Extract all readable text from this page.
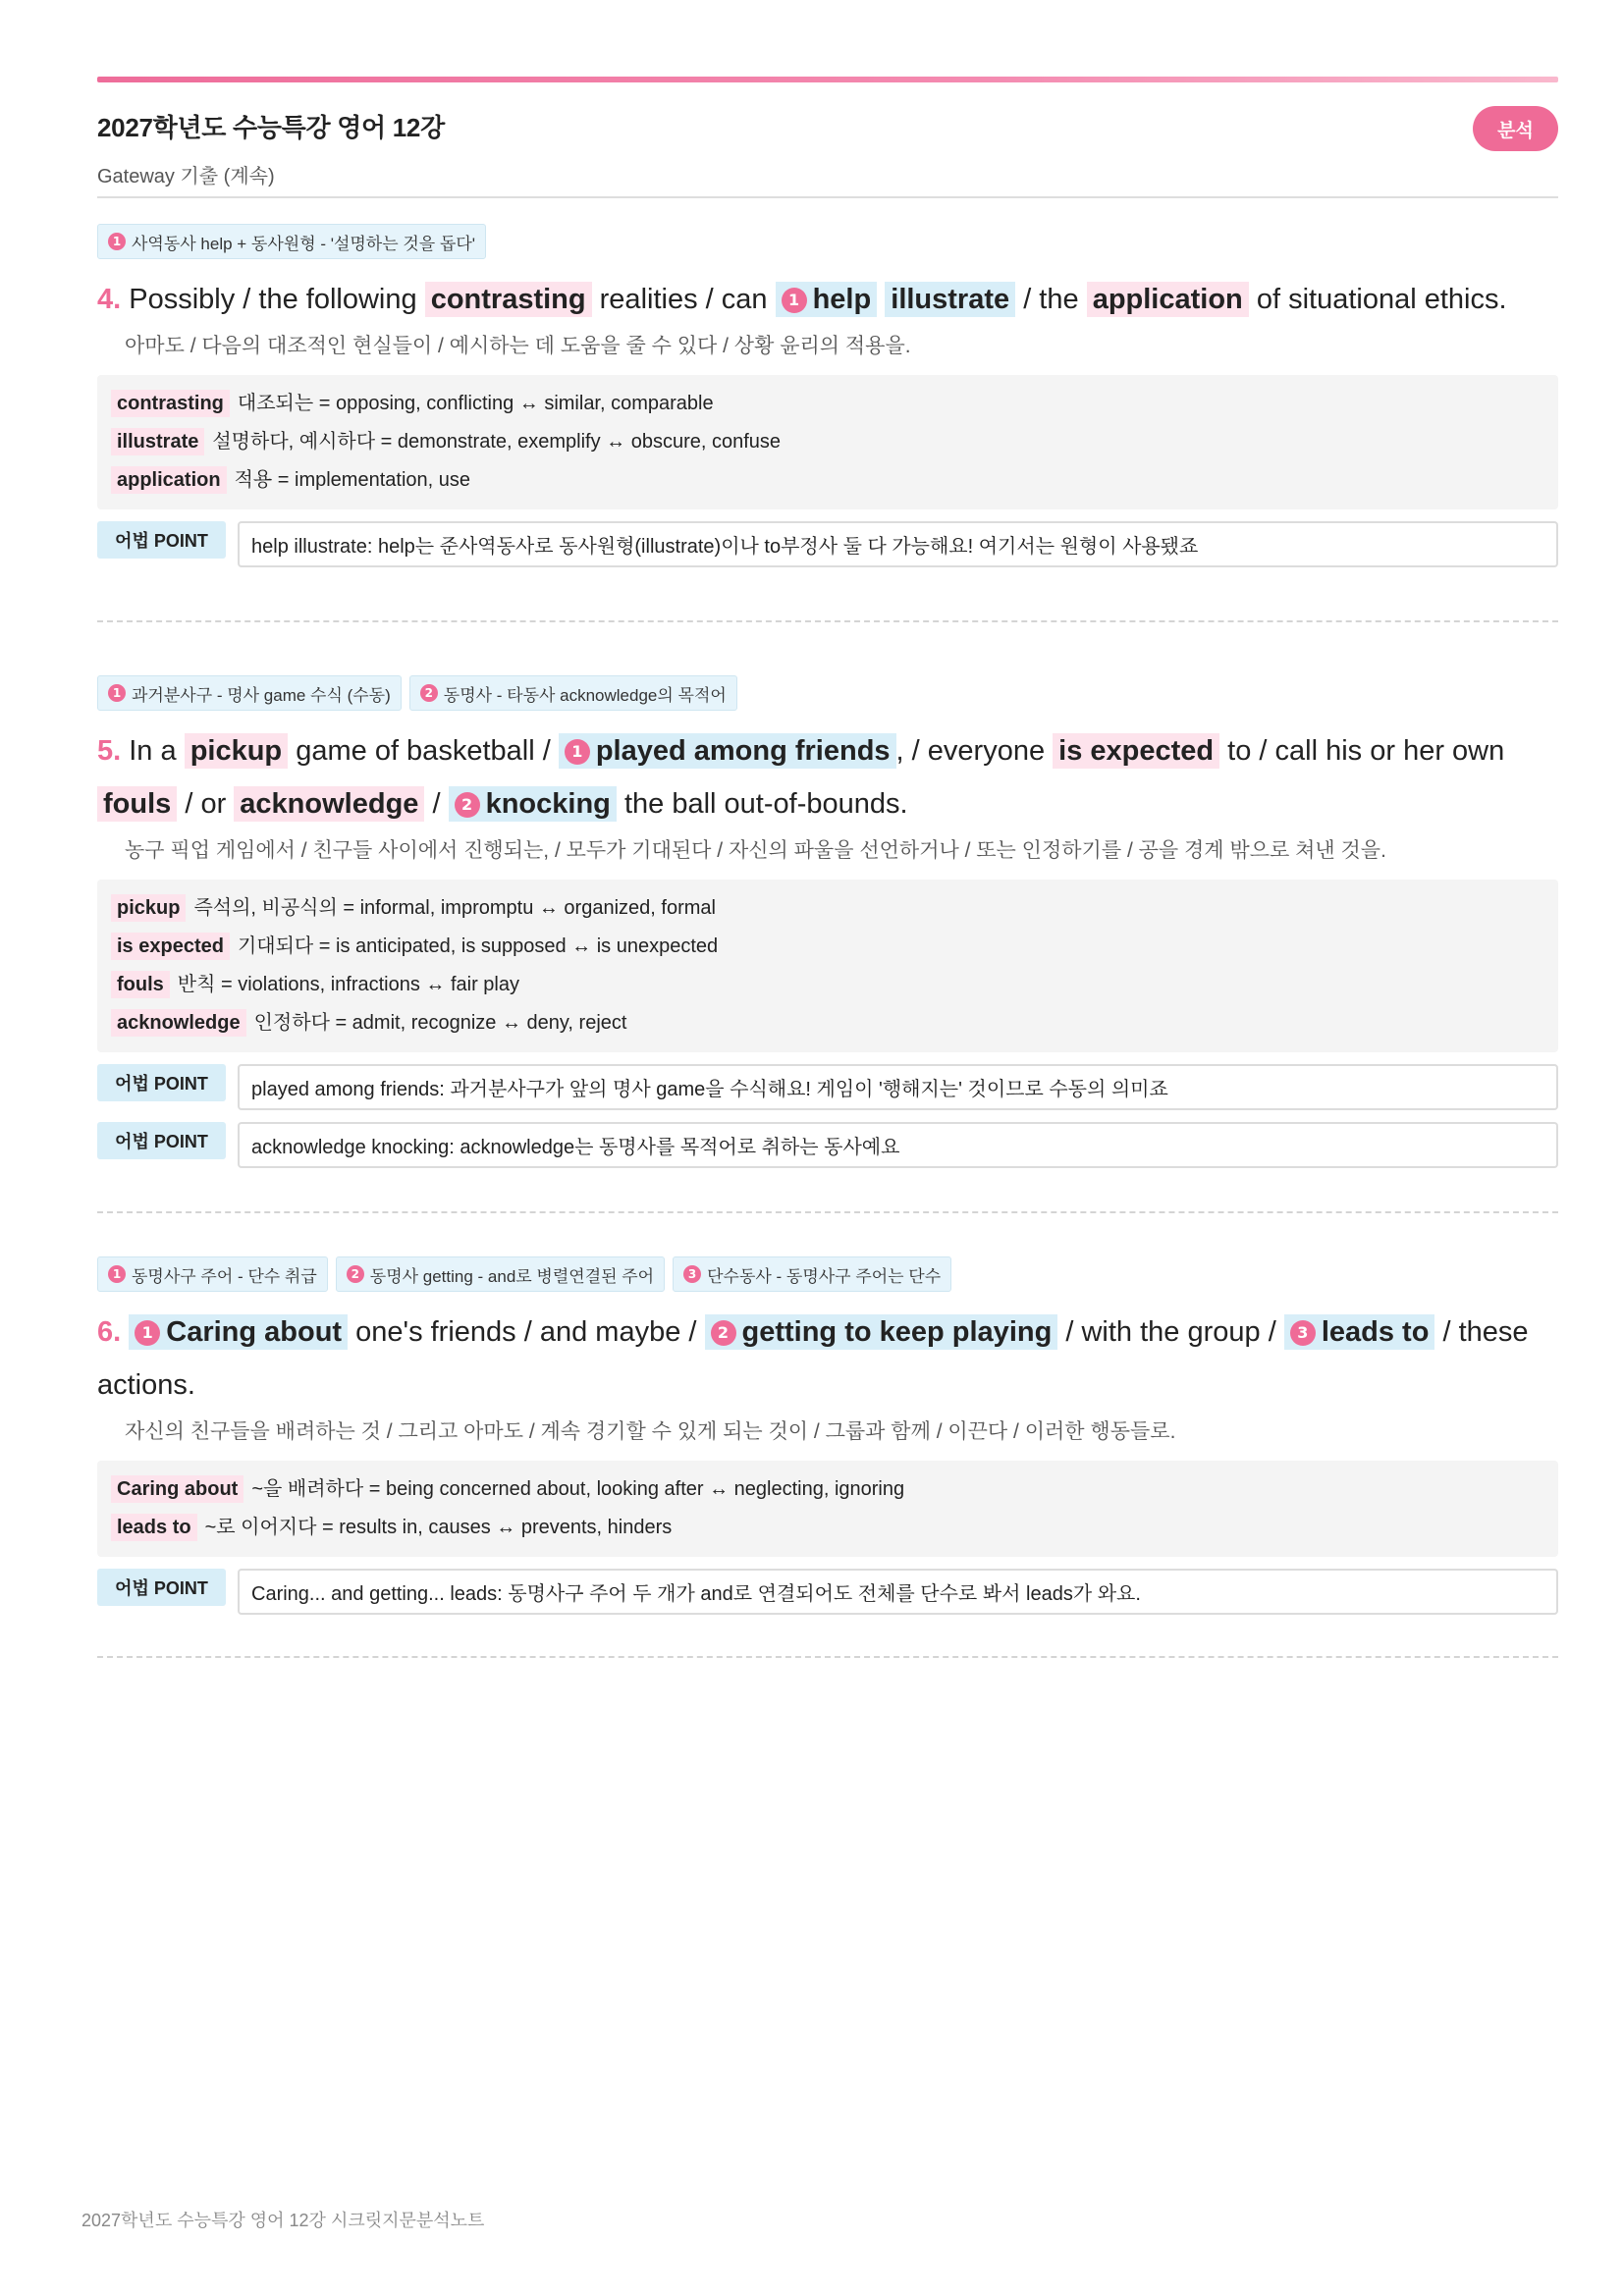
2027학년도 수능특강 영어 12강
Gateway 기출 (계속)
분석
1 사역동사 help + 동사원형 - '설명하는 것을 돕다'
4. Possibly / the following contrasting realities / can 1 help illustrate / the application of situational ethics.
아마도 / 다음의 대조적인 현실들이 / 예시하는 데 도움을 줄 수 있다 / 상황 윤리의 적용을.
contrasting 대조되는 = opposing, conflicting ↔ similar, comparable
illustrate 설명하다, 예시하다 = demonstrate, exemplify ↔ obscure, confuse
application 적용 = implementation, use
어법 POINT	help illustrate: help는 준사역동사로 동사원형(illustrate)이나 to부정사 둘 다 가능해요! 여기서는 원형이 사용됐죠
1 과거분사구 - 명사 game 수식 (수동)	2 동명사 - 타동사 acknowledge의 목적어
5. In a pickup game of basketball / 1 played among friends , / everyone is expected to / call his or her own fouls / or acknowledge / 2 knocking the ball out-of-bounds.
농구 픽업 게임에서 / 친구들 사이에서 진행되는, / 모두가 기대된다 / 자신의 파울을 선언하거나 / 또는 인정하기를 / 공을 경계 밖으로 쳐낸 것을.
pickup 즉석의, 비공식의 = informal, impromptu ↔ organized, formal
is expected 기대되다 = is anticipated, is supposed ↔ is unexpected
fouls 반칙 = violations, infractions ↔ fair play
acknowledge 인정하다 = admit, recognize ↔ deny, reject
어법 POINT	played among friends: 과거분사구가 앞의 명사 game을 수식해요! 게임이 '행해지는' 것이므로 수동의 의미죠
어법 POINT	acknowledge knocking: acknowledge는 동명사를 목적어로 취하는 동사예요
1 동명사구 주어 - 단수 취급	2 동명사 getting - and로 병렬연결된 주어	3 단수동사 - 동명사구 주어는 단수
6. 1 Caring about one's friends / and maybe / 2 getting to keep playing / with the group / 3 leads to / these actions.
자신의 친구들을 배려하는 것 / 그리고 아마도 / 계속 경기할 수 있게 되는 것이 / 그룹과 함께 / 이끈다 / 이러한 행동들로.
Caring about ~을 배려하다 = being concerned about, looking after ↔ neglecting, ignoring
leads to ~로 이어지다 = results in, causes ↔ prevents, hinders
어법 POINT	Caring... and getting... leads: 동명사구 주어 두 개가 and로 연결되어도 전체를 단수로 봐서 leads가 와요.
2027학년도 수능특강 영어 12강 시크릿지문분석노트
